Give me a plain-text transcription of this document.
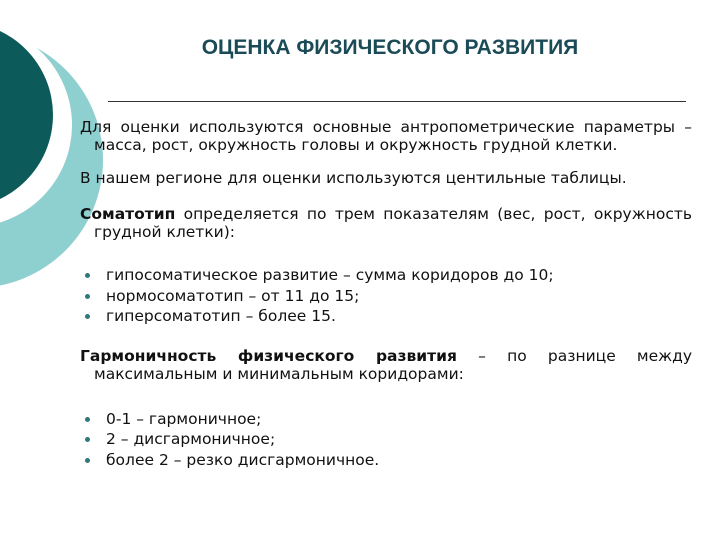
ОЦЕНКА ФИЗИЧЕСКОГО РАЗВИТИЯ

Для оценки используются основные антропометрические параметры – масса, рост, окружность головы и окружность грудной клетки.

В нашем регионе для оценки используются центильные таблицы.

Соматотип определяется по трем показателям (вес, рост, окружность грудной клетки):

гипосоматическое развитие – сумма коридоров до 10;
нормосоматотип – от 11 до 15;
гиперсоматотип – более 15.

Гармоничность физического развития – по разнице между максимальным и минимальным коридорами:

0-1 – гармоничное;
2 – дисгармоничное;
более 2 – резко дисгармоничное.
